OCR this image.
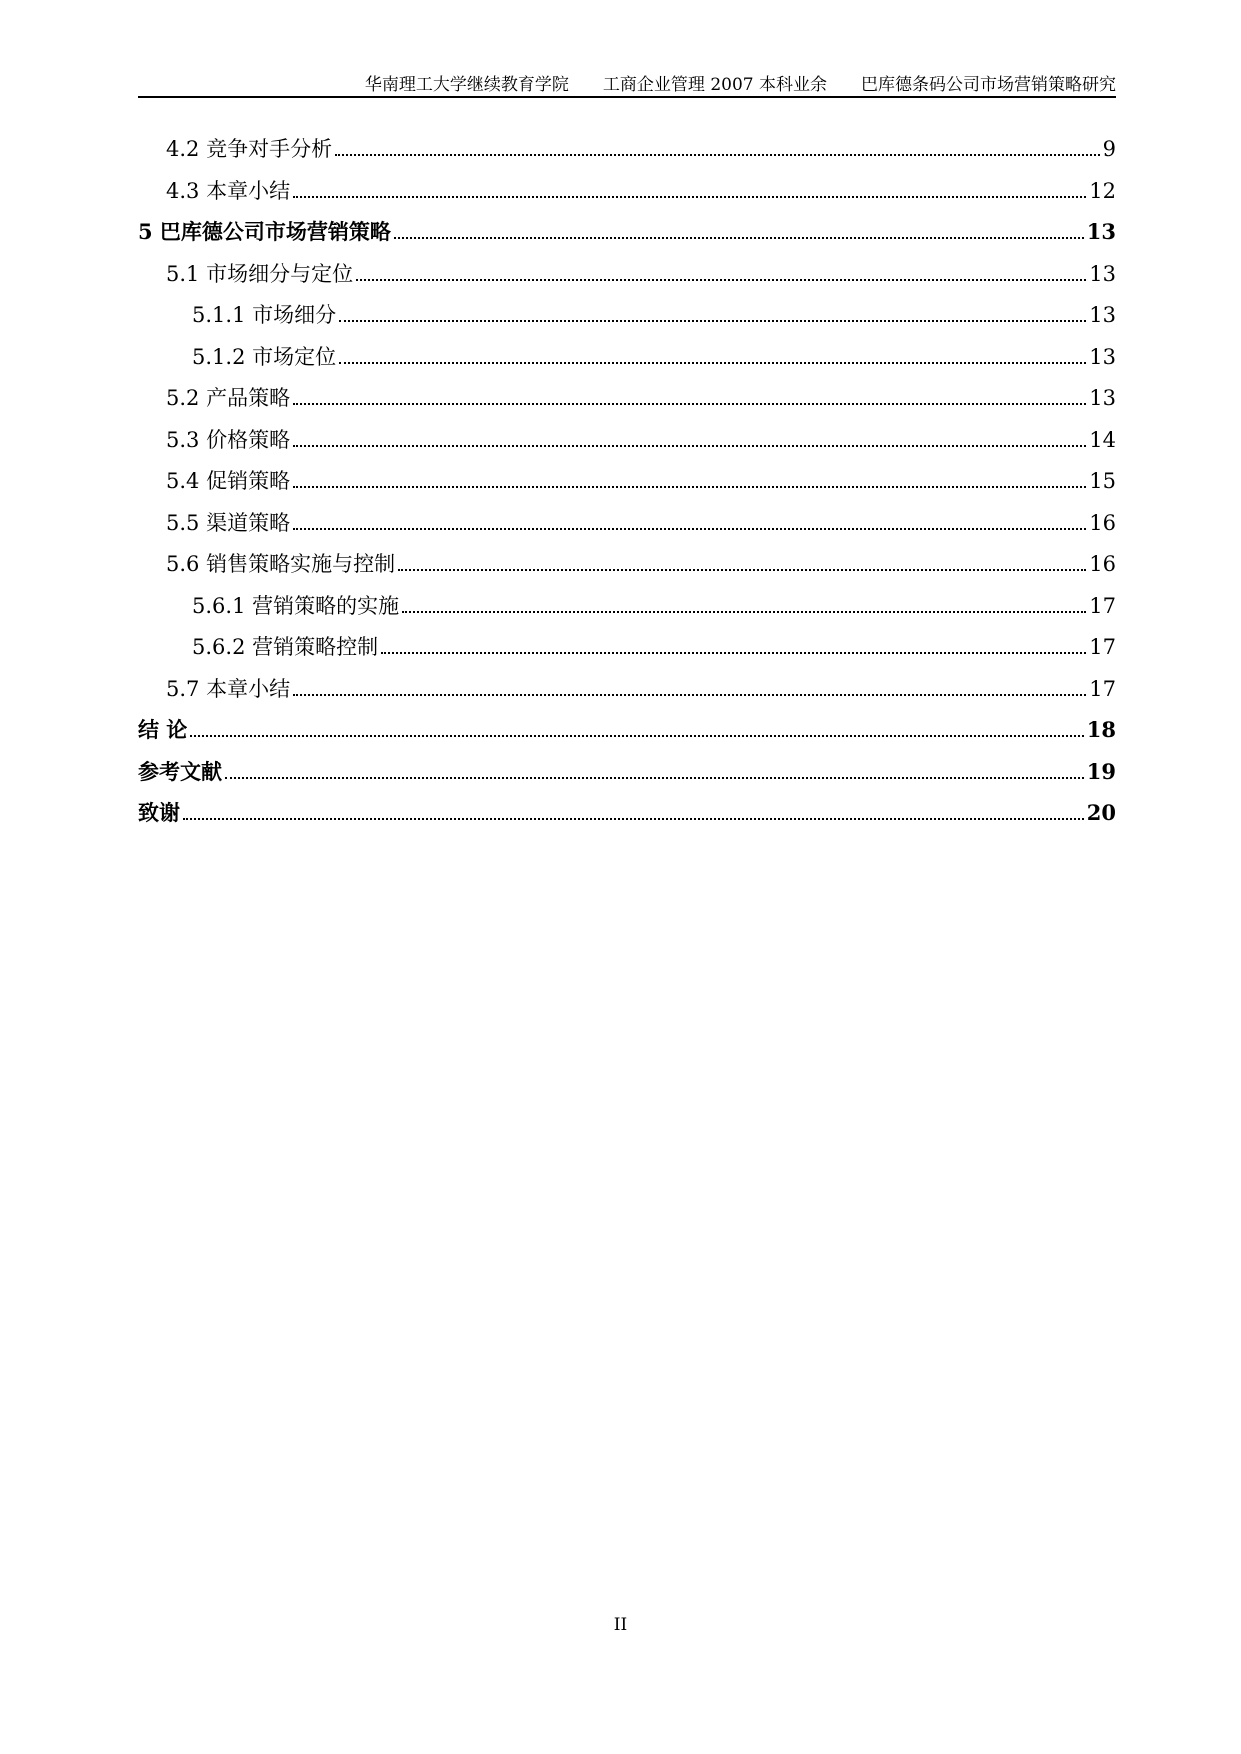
华南理工大学继续教育学院　　工商企业管理 2007 本科业余　　巴库德条码公司市场营销策略研究
4.2 竞争对手分析	9
4.3 本章小结	12
5 巴库德公司市场营销策略	13
5.1 市场细分与定位	13
5.1.1 市场细分	13
5.1.2 市场定位	13
5.2 产品策略	13
5.3 价格策略	14
5.4 促销策略	15
5.5 渠道策略	16
5.6 销售策略实施与控制	16
5.6.1 营销策略的实施	17
5.6.2 营销策略控制	17
5.7 本章小结	17
结 论	18
参考文献	19
致谢	20
II
